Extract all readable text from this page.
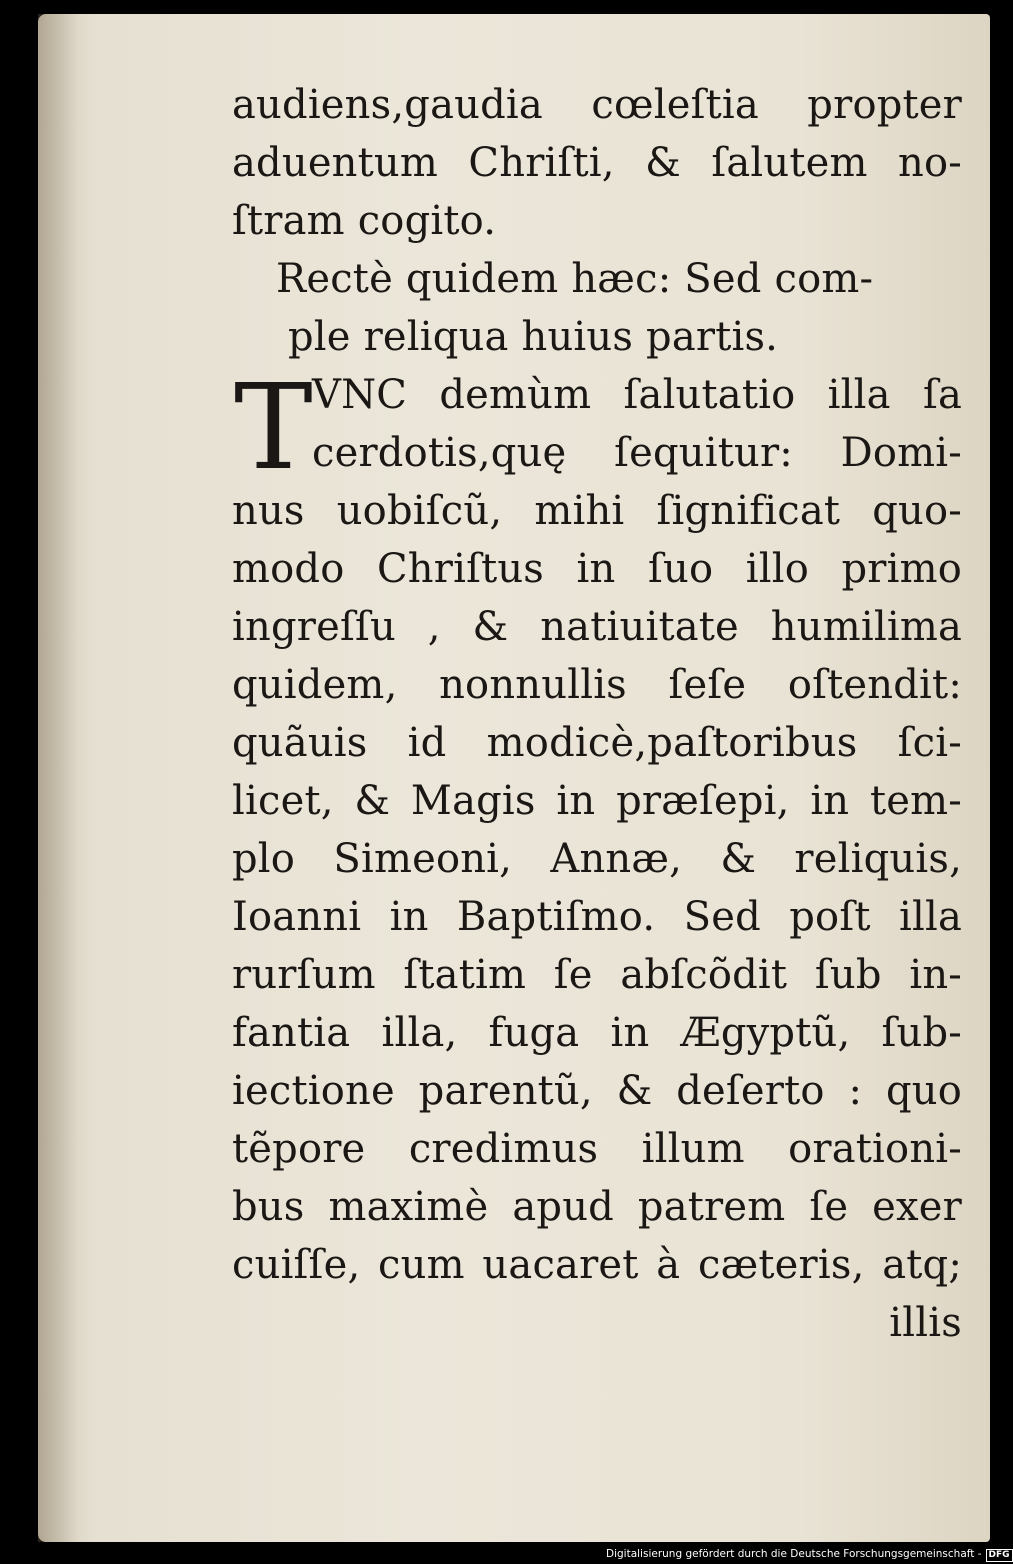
T
audiens,gaudia cœleſtia propter
aduentum Chriſti, & ſalutem no-
ſtram cogito.
Rectè quidem hæc: Sed com-
ple reliqua huius partis.
VNC demùm ſalutatio illa ſa
cerdotis,quę ſequitur: Domi-
nus uobiſcũ, mihi ſignificat quo-
modo Chriſtus in ſuo illo primo
ingreſſu , & natiuitate humilima
quidem, nonnullis ſeſe oſtendit:
quãuis id modicè,paſtoribus ſci-
licet, & Magis in præſepi, in tem-
plo Simeoni, Annæ, & reliquis,
Ioanni in Baptiſmo. Sed poſt illa
rurſum ſtatim ſe abſcõdit ſub in-
fantia illa, fuga in Ægyptũ, ſub-
iectione parentũ, & deſerto : quo
tẽpore credimus illum orationi-
bus maximè apud patrem ſe exer
cuiſſe, cum uacaret à cæteris, atq;
illis
Digitalisierung gefördert durch die Deutsche Forschungsgemeinschaft - DFG
